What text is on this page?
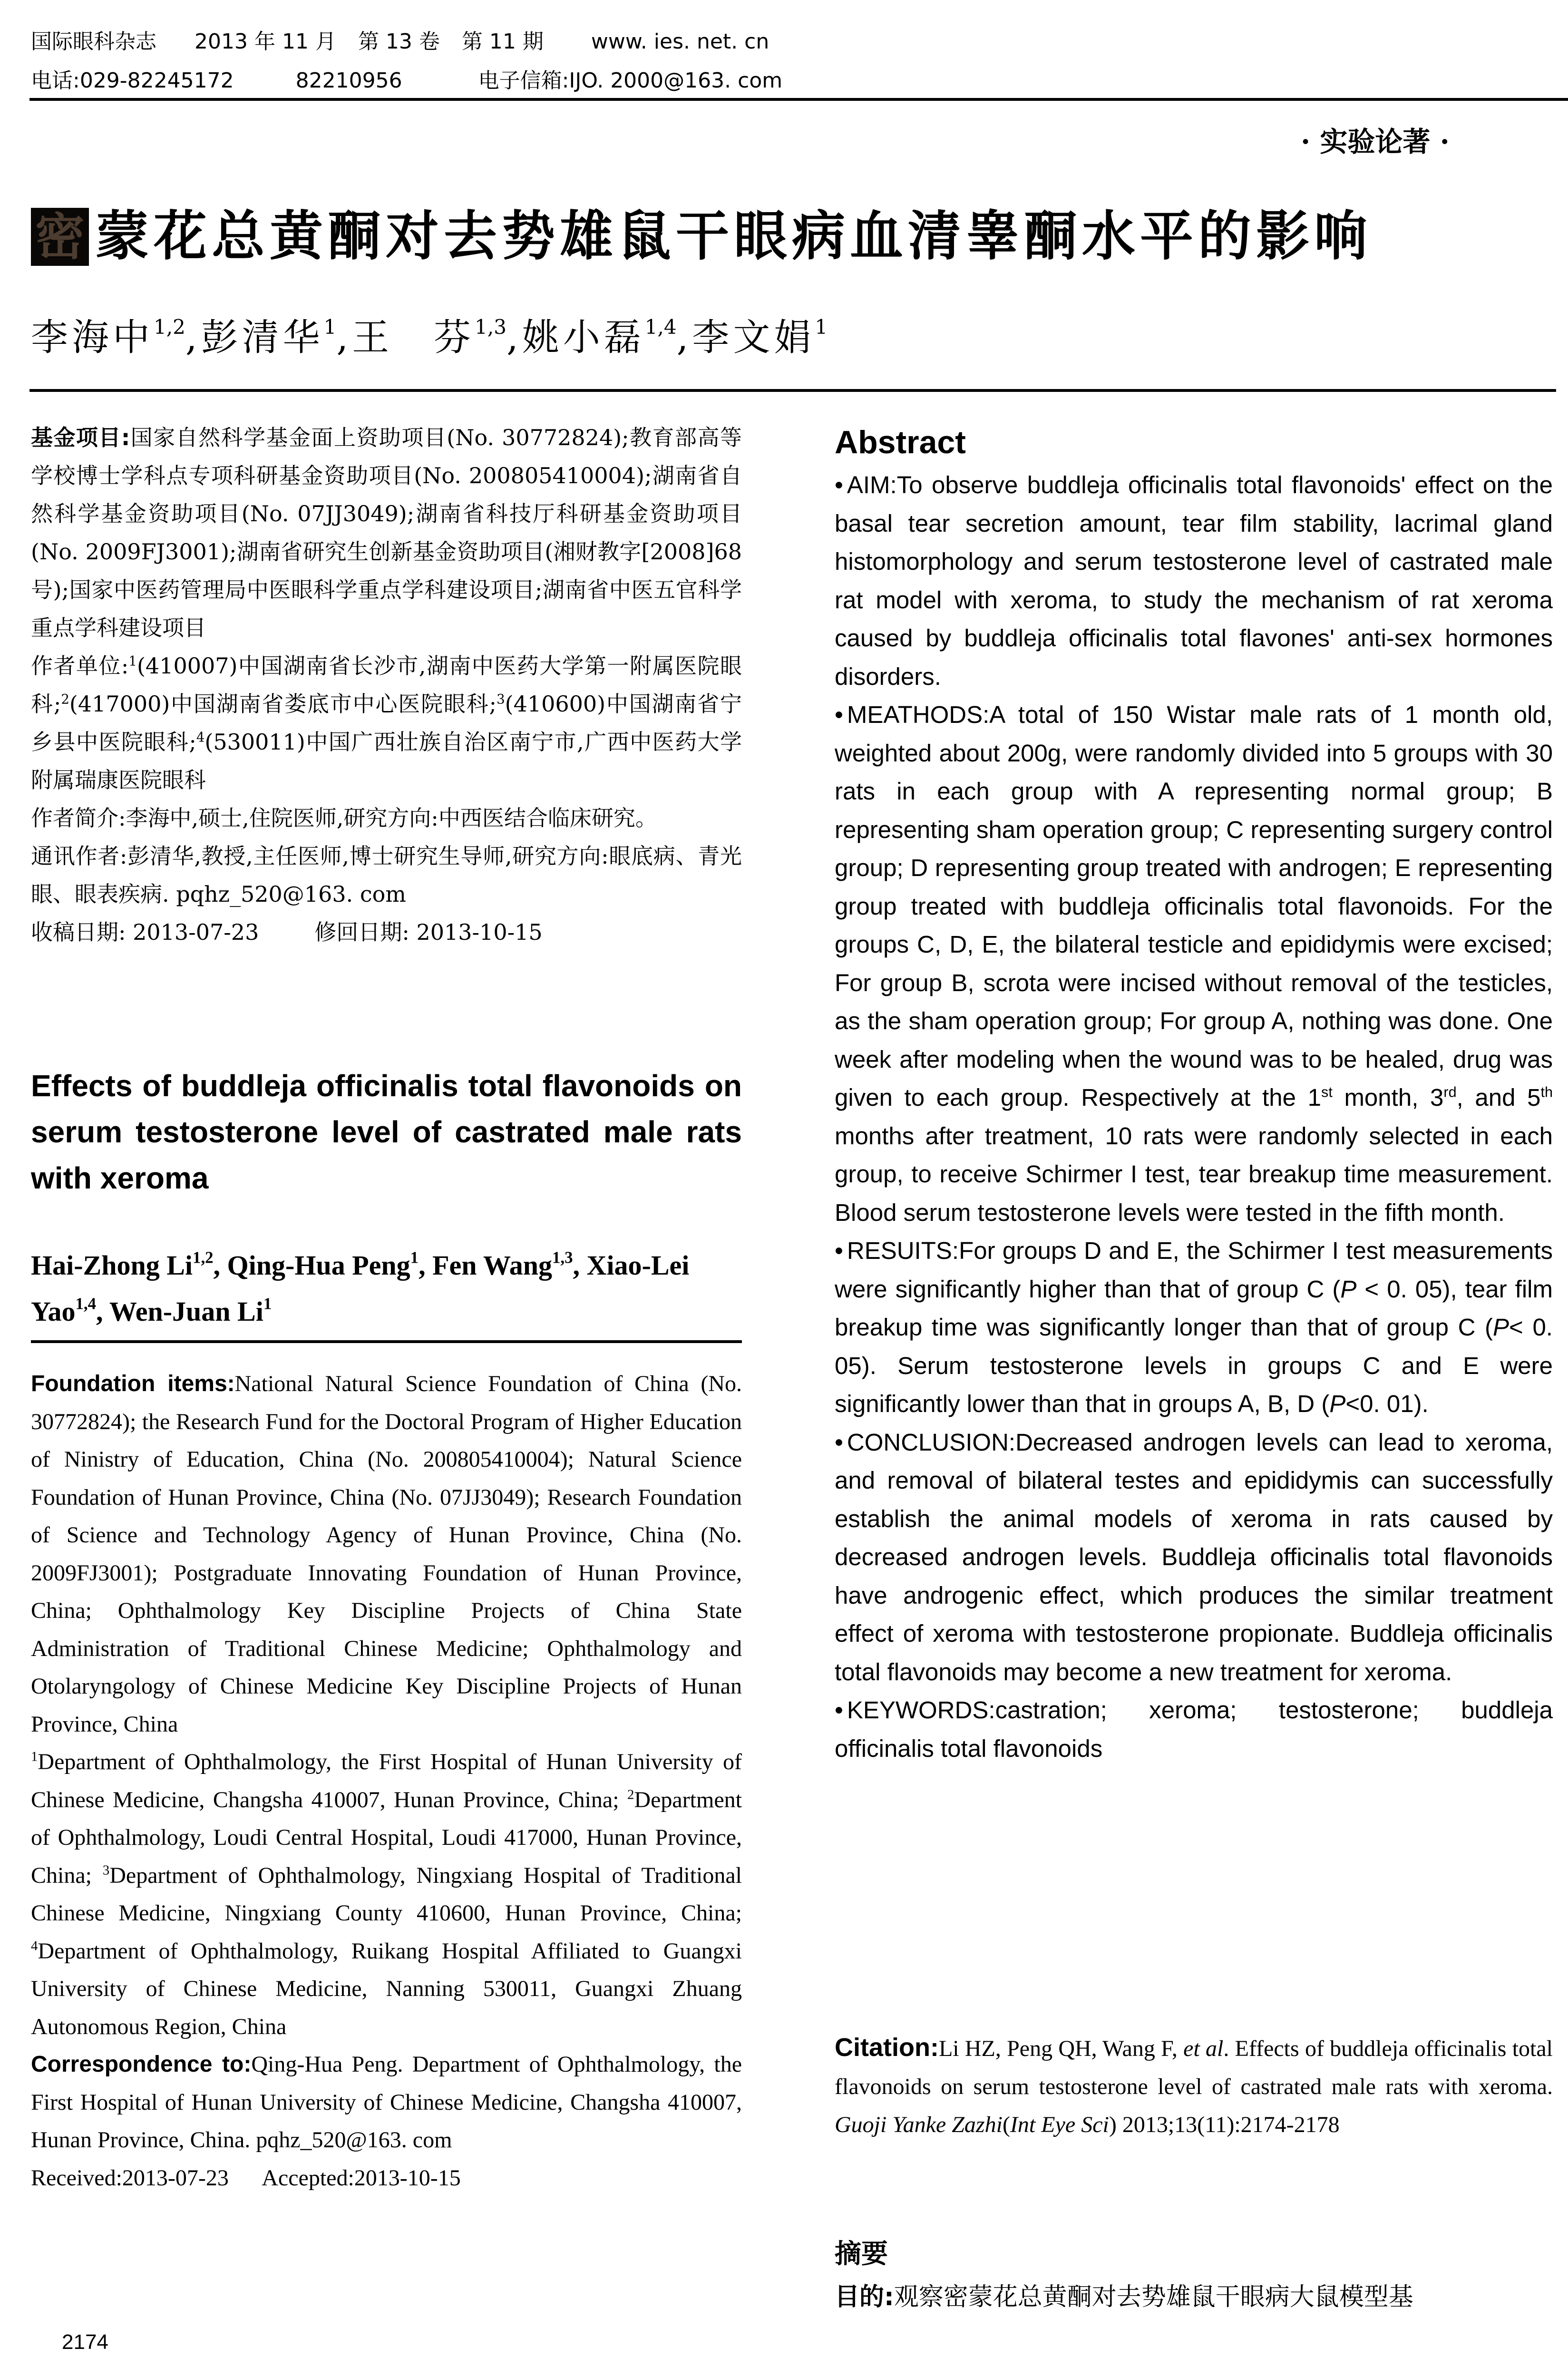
国际眼科杂志 2013 年 11 月 第 13 卷 第 11 期 www. ies. net. cn
电话:029-82245172	82210956	电子信箱:IJO. 2000@163. com
· 实验论著 ·
密 蒙花总黄酮对去势雄鼠干眼病血清睾酮水平的影响
李海中$^{1,2}$,彭清华$^1$,王　芬$^{1,3}$,姚小磊$^{1,4}$,李文娟$^1$

基金项目:国家自然科学基金面上资助项目(No. 30772824);教育部高等学校博士学科点专项科研基金资助项目(No. 200805410004);湖南省自然科学基金资助项目(No. 07JJ3049);湖南省科技厅科研基金资助项目(No. 2009FJ3001);湖南省研究生创新基金资助项目(湘财教字[2008]68 号);国家中医药管理局中医眼科学重点学科建设项目;湖南省中医五官科学重点学科建设项目

作者单位:$^1$(410007)中国湖南省长沙市,湖南中医药大学第一附属医院眼科;$^2$(417000)中国湖南省娄底市中心医院眼科;$^3$(410600)中国湖南省宁乡县中医院眼科;$^4$(530011)中国广西壮族自治区南宁市,广西中医药大学附属瑞康医院眼科

作者简介:李海中,硕士,住院医师,研究方向:中西医结合临床研究。

通讯作者:彭清华,教授,主任医师,博士研究生导师,研究方向:眼底病、青光眼、眼表疾病. pqhz_520@163. com

收稿日期: 2013-07-23	修回日期: 2013-10-15

Effects of buddleja officinalis total flavonoids on serum testosterone level of castrated male rats with xeroma
Hai-Zhong Li$^{1,2}$, Qing-Hua Peng$^1$, Fen Wang$^{1,3}$, Xiao-Lei Yao$^{1,4}$, Wen-Juan Li$^1$

Foundation items:National Natural Science Foundation of China (No. 30772824); the Research Fund for the Doctoral Program of Higher Education of Ninistry of Education, China (No. 200805410004); Natural Science Foundation of Hunan Province, China (No. 07JJ3049); Research Foundation of Science and Technology Agency of Hunan Province, China (No. 2009FJ3001); Postgraduate Innovating Foundation of Hunan Province, China; Ophthalmology Key Discipline Projects of China State Administration of Traditional Chinese Medicine; Ophthalmology and Otolaryngology of Chinese Medicine Key Discipline Projects of Hunan Province, China

$^1$Department of Ophthalmology, the First Hospital of Hunan University of Chinese Medicine, Changsha 410007, Hunan Province, China; $^2$Department of Ophthalmology, Loudi Central Hospital, Loudi 417000, Hunan Province, China; $^3$Department of Ophthalmology, Ningxiang Hospital of Traditional Chinese Medicine, Ningxiang County 410600, Hunan Province, China; $^4$Department of Ophthalmology, Ruikang Hospital Affiliated to Guangxi University of Chinese Medicine, Nanning 530011, Guangxi Zhuang Autonomous Region, China

Correspondence to:Qing-Hua Peng. Department of Ophthalmology, the First Hospital of Hunan University of Chinese Medicine, Changsha 410007, Hunan Province, China. pqhz_520@163. com

Received:2013-07-23 Accepted:2013-10-15

2174
Abstract

• AIM:To observe buddleja officinalis total flavonoids' effect on the basal tear secretion amount, tear film stability, lacrimal gland histomorphology and serum testosterone level of castrated male rat model with xeroma, to study the mechanism of rat xeroma caused by buddleja officinalis total flavones' anti-sex hormones disorders.

• MEATHODS:A total of 150 Wistar male rats of 1 month old, weighted about 200g, were randomly divided into 5 groups with 30 rats in each group with A representing normal group; B representing sham operation group; C representing surgery control group; D representing group treated with androgen; E representing group treated with buddleja officinalis total flavonoids. For the groups C, D, E, the bilateral testicle and epididymis were excised; For group B, scrota were incised without removal of the testicles, as the sham operation group; For group A, nothing was done. One week after modeling when the wound was to be healed, drug was given to each group. Respectively at the 1st month, 3rd, and 5th months after treatment, 10 rats were randomly selected in each group, to receive Schirmer I test, tear breakup time measurement. Blood serum testosterone levels were tested in the fifth month.

• RESUITS:For groups D and E, the Schirmer I test measurements were significantly higher than that of group C (P < 0. 05), tear film breakup time was significantly longer than that of group C (P< 0. 05). Serum testosterone levels in groups C and E were significantly lower than that in groups A, B, D (P<0. 01).

• CONCLUSION:Decreased androgen levels can lead to xeroma, and removal of bilateral testes and epididymis can successfully establish the animal models of xeroma in rats caused by decreased androgen levels. Buddleja officinalis total flavonoids have androgenic effect, which produces the similar treatment effect of xeroma with testosterone propionate. Buddleja officinalis total flavonoids may become a new treatment for xeroma.

• KEYWORDS:castration; xeroma; testosterone; buddleja officinalis total flavonoids

Citation:Li HZ, Peng QH, Wang F, et al. Effects of buddleja officinalis total flavonoids on serum testosterone level of castrated male rats with xeroma. Guoji Yanke Zazhi(Int Eye Sci) 2013;13(11):2174-2178
摘要
目的:观察密蒙花总黄酮对去势雄鼠干眼病大鼠模型基
